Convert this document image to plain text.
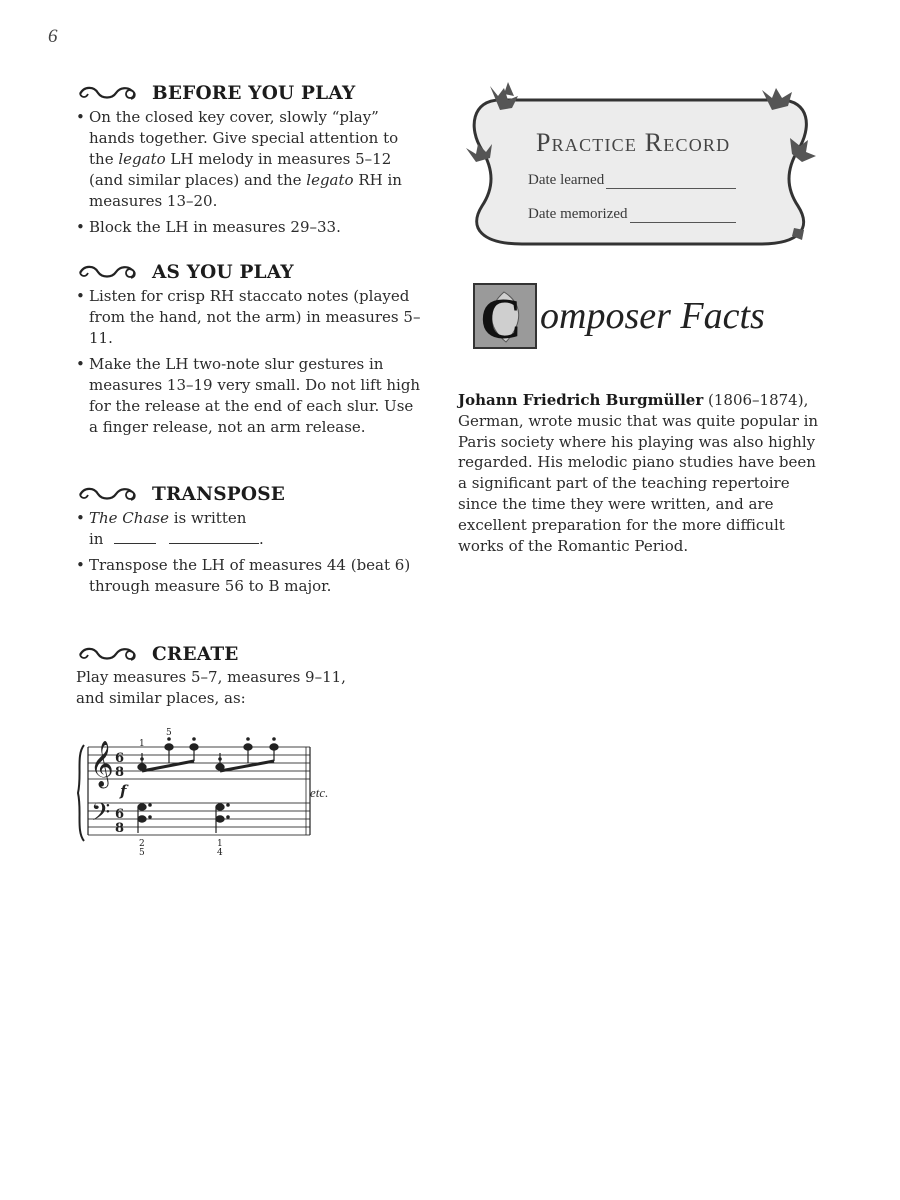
6
BEFORE YOU PLAY
• On the closed key cover, slowly “play” hands together. Give special attention to the legato LH melody in measures 5–12 (and similar places) and the legato RH in measures 13–20.
• Block the LH in measures 29–33.
AS YOU PLAY
• Listen for crisp RH staccato notes (played from the hand, not the arm) in measures 5–11.
• Make the LH two-note slur gestures in measures 13–19 very small. Do not lift high for the release at the end of each slur. Use a finger release, not an arm release.
TRANSPOSE
• The Chase is written
in	.
• Transpose the LH of measures 44 (beat 6) through measure 56 to B major.
CREATE
Play measures 5–7, measures 9–11, and similar places, as:
𝄞
𝄢
6
8
6
8
1
5
2
5
1
4
f	etc.
Practice Record
Date learned
Date memorized
C omposer Facts
Johann Friedrich Burgmüller (1806–1874), German, wrote music that was quite popular in Paris society where his playing was also highly regarded. His melodic piano studies have been a significant part of the teaching repertoire since the time they were written, and are excellent preparation for the more difficult works of the Romantic Period.
